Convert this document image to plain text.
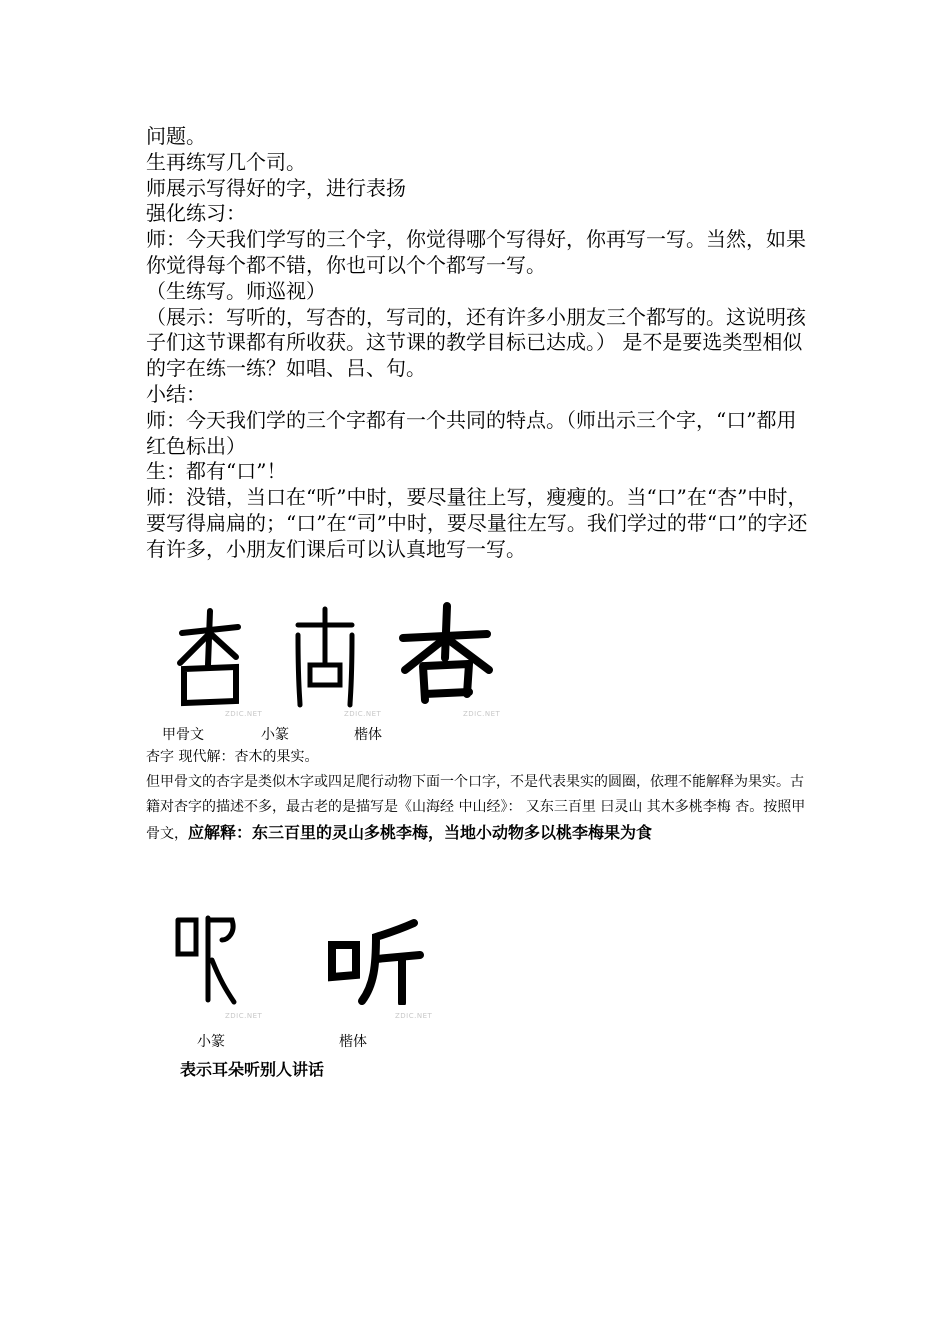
问题。

生再练写几个司。

师展示写得好的字，进行表扬

强化练习：

师：今天我们学写的三个字，你觉得哪个写得好，你再写一写。当然，如果你觉得每个都不错，你也可以个个都写一写。

（生练写。师巡视）

（展示：写听的，写杏的，写司的，还有许多小朋友三个都写的。这说明孩子们这节课都有所收获。这节课的教学目标已达成。） 是不是要选类型相似的字在练一练？如唱、吕、句。

小结：

师：今天我们学的三个字都有一个共同的特点。（师出示三个字，“口”都用红色标出）

生：都有“口”！

师：没错，当口在“听”中时，要尽量往上写，瘦瘦的。当“口”在“杏”中时，要写得扁扁的；“口”在“司”中时，要尽量往左写。我们学过的带“口”的字还有许多，小朋友们课后可以认真地写一写。

ZDIC.NET	ZDIC.NET	ZDIC.NET
甲骨文	小篆	楷体

杏字 现代解：杏木的果实。

但甲骨文的杏字是类似木字或四足爬行动物下面一个口字，不是代表果实的圆圈，依理不能解释为果实。古籍对杏字的描述不多，最古老的是描写是《山海经 中山经》： 又东三百里 曰灵山 其木多桃李梅 杏。按照甲骨文，应解释：东三百里的灵山多桃李梅，当地小动物多以桃李梅果为食

ZDIC.NET	ZDIC.NET
小篆	楷体
表示耳朵听别人讲话
